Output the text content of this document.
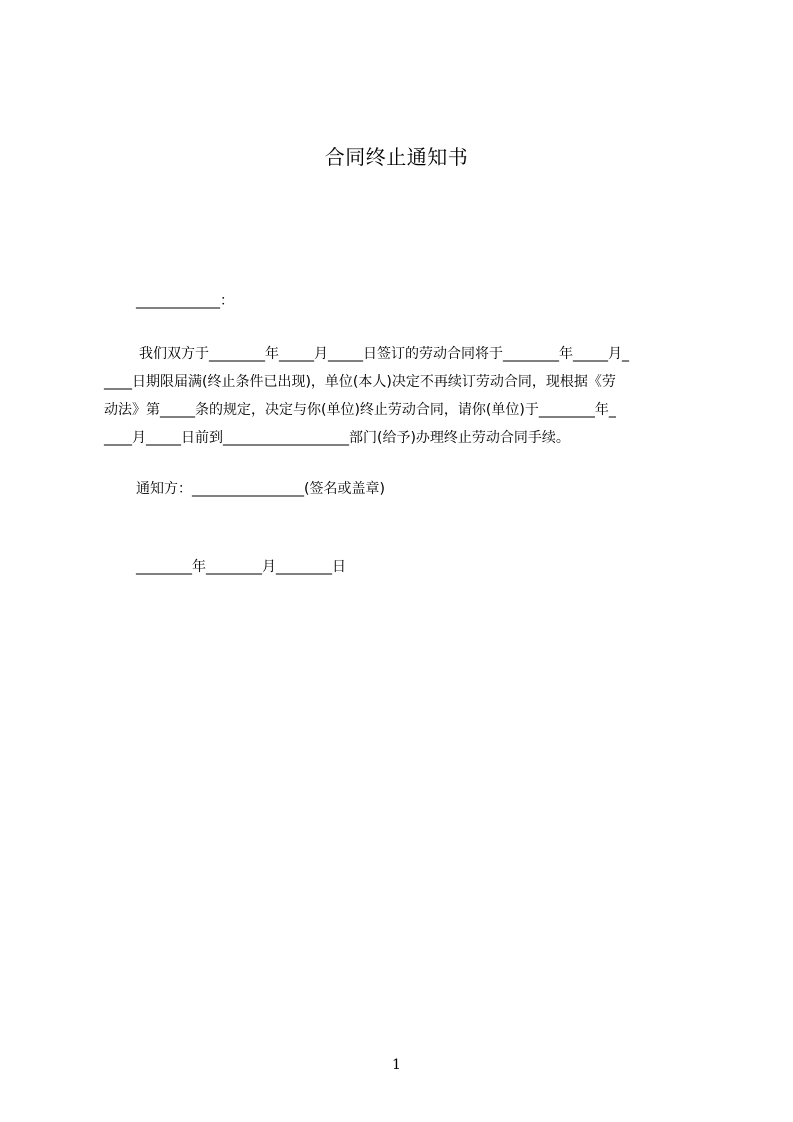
合同终止通知书
____________：
我们双方于________年_____月_____日签订的劳动合同将于________年_____月_
____日期限届满(终止条件已出现)，单位(本人)决定不再续订劳动合同，现根据《劳
动法》第_____条的规定，决定与你(单位)终止劳动合同，请你(单位)于________年_
____月_____日前到__________________部门(给予)办理终止劳动合同手续。
通知方：________________(签名或盖章)
________年________月________日
1
